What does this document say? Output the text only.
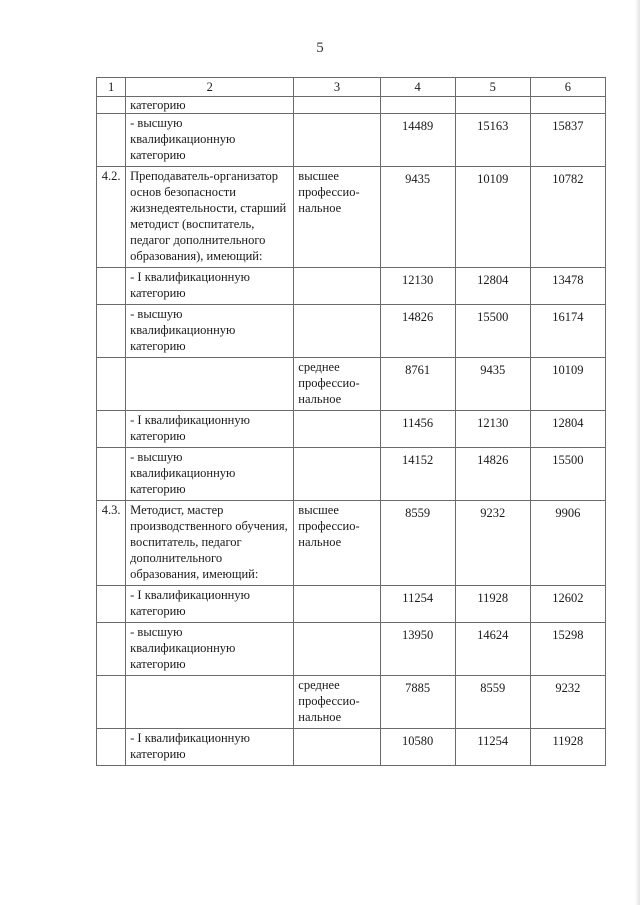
5
1	2	3	4	5	6
	категорию				
	- высшую квалификационную категорию		14489	15163	15837
4.2.	Преподаватель-организатор основ безопасности жизнедеятельности, старший методист (воспитатель, педагог дополнительного образования), имеющий:	высшее профессио-нальное	9435	10109	10782
	- I квалификационную категорию		12130	12804	13478
	- высшую квалификационную категорию		14826	15500	16174
		среднее профессио-нальное	8761	9435	10109
	- I квалификационную категорию		11456	12130	12804
	- высшую квалификационную категорию		14152	14826	15500
4.3.	Методист, мастер производственного обучения, воспитатель, педагог дополнительного образования, имеющий:	высшее профессио-нальное	8559	9232	9906
	- I квалификационную категорию		11254	11928	12602
	- высшую квалификационную категорию		13950	14624	15298
		среднее профессио-нальное	7885	8559	9232
	- I квалификационную категорию		10580	11254	11928
